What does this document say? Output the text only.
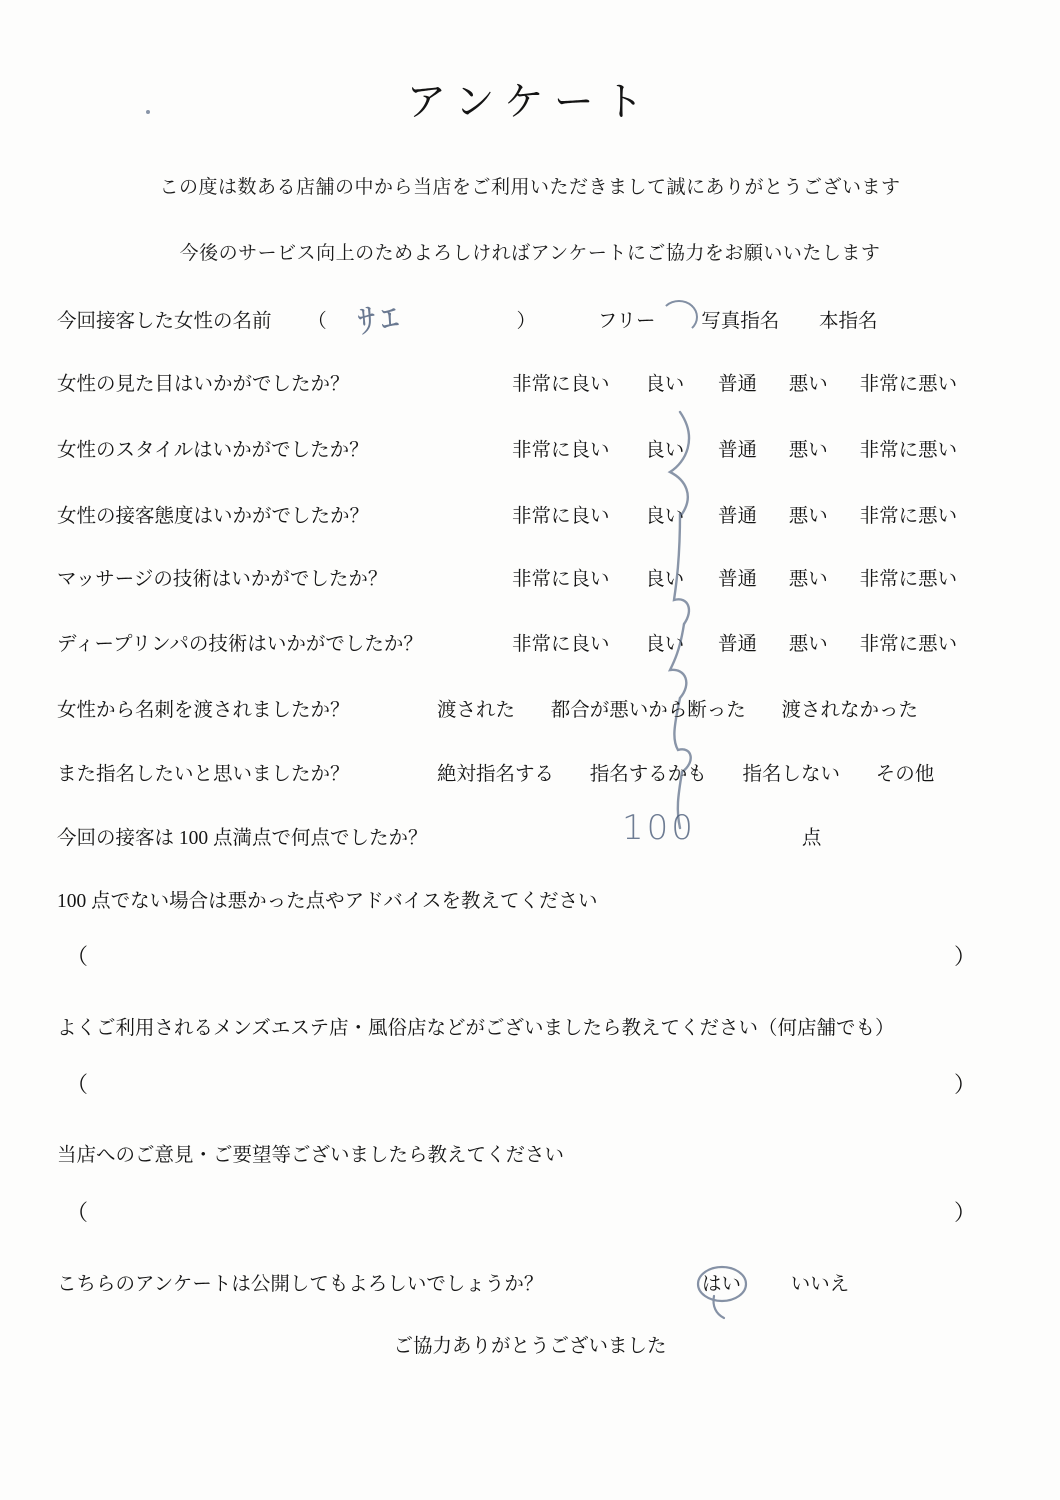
アンケート
この度は数ある店舗の中から当店をご利用いただきまして誠にありがとうございます
今後のサービス向上のためよろしければアンケートにご協力をお願いいたします
今回接客した女性の名前 （	）	フリー 写真指名 本指名
ｻｴ
女性の見た目はいかがでしたか？	非常に良い 良い 普通 悪い 非常に悪い
女性のスタイルはいかがでしたか？	非常に良い 良い 普通 悪い 非常に悪い
女性の接客態度はいかがでしたか？	非常に良い 良い 普通 悪い 非常に悪い
マッサージの技術はいかがでしたか？	非常に良い 良い 普通 悪い 非常に悪い
ディープリンパの技術はいかがでしたか？	非常に良い 良い 普通 悪い 非常に悪い
女性から名刺を渡されましたか？	渡された 都合が悪いから断った 渡されなかった
また指名したいと思いましたか？	絶対指名する 指名するかも 指名しない その他
今回の接客は 100 点満点で何点でしたか？	点
100
100 点でない場合は悪かった点やアドバイスを教えてください
（	）
よくご利用されるメンズエステ店・風俗店などがございましたら教えてください（何店舗でも）
（	）
当店へのご意見・ご要望等ございましたら教えてください
（	）
こちらのアンケートは公開してもよろしいでしょうか？	はい	いいえ
ご協力ありがとうございました
